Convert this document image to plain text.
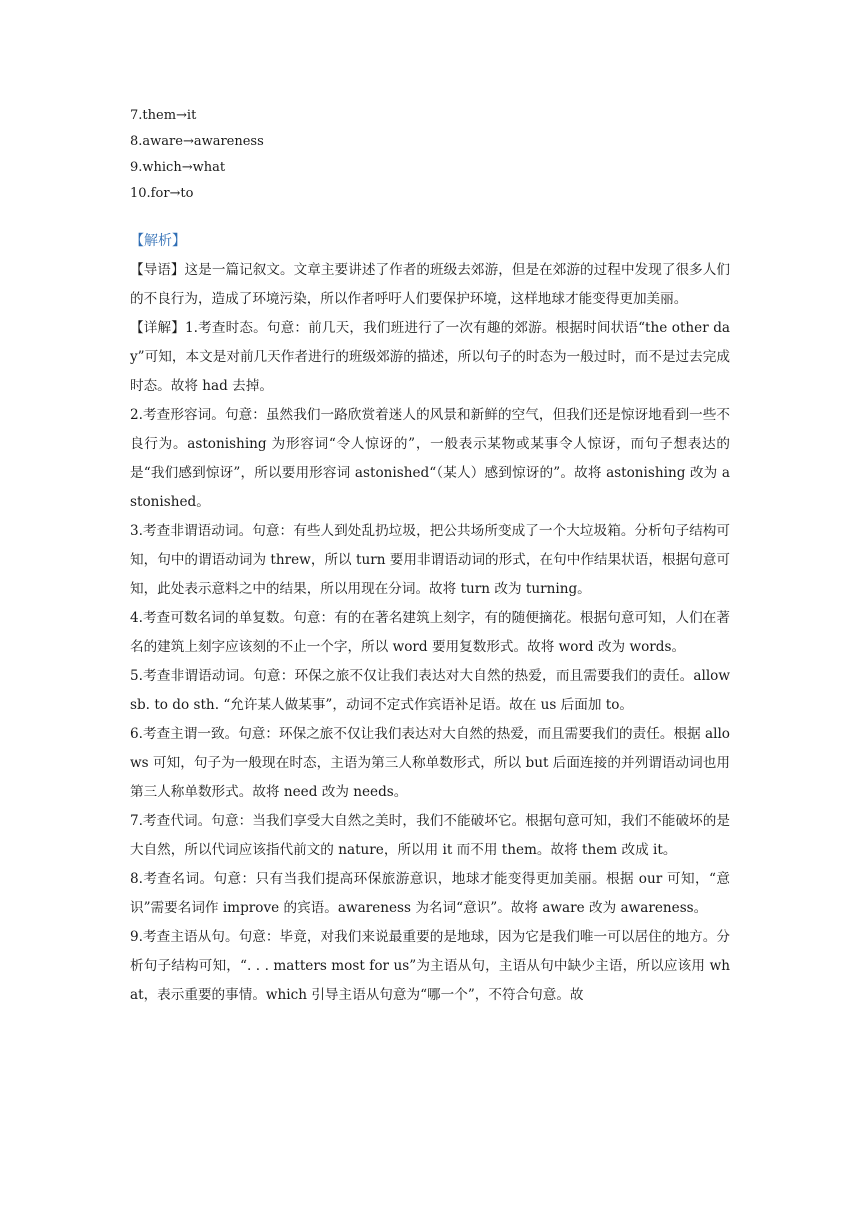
7.them→it

8.aware→awareness

9.which→what

10.for→to

【解析】

【导语】这是一篇记叙文。文章主要讲述了作者的班级去郊游，但是在郊游的过程中发现了很多人们的不良行为，造成了环境污染，所以作者呼吁人们要保护环境，这样地球才能变得更加美丽。

【详解】1.考查时态。句意：前几天，我们班进行了一次有趣的郊游。根据时间状语“the other day”可知，本文是对前几天作者进行的班级郊游的描述，所以句子的时态为一般过时，而不是过去完成时态。故将 had 去掉。

2.考查形容词。句意：虽然我们一路欣赏着迷人的风景和新鲜的空气，但我们还是惊讶地看到一些不良行为。astonishing 为形容词“令人惊讶的”，一般表示某物或某事令人惊讶，而句子想表达的是“我们感到惊讶”，所以要用形容词 astonished“（某人）感到惊讶的”。故将 astonishing 改为 astonished。

3.考查非谓语动词。句意：有些人到处乱扔垃圾，把公共场所变成了一个大垃圾箱。分析句子结构可知，句中的谓语动词为 threw，所以 turn 要用非谓语动词的形式，在句中作结果状语，根据句意可知，此处表示意料之中的结果，所以用现在分词。故将 turn 改为 turning。

4.考查可数名词的单复数。句意：有的在著名建筑上刻字，有的随便摘花。根据句意可知，人们在著名的建筑上刻字应该刻的不止一个字，所以 word 要用复数形式。故将 word 改为 words。

5.考查非谓语动词。句意：环保之旅不仅让我们表达对大自然的热爱，而且需要我们的责任。allow sb. to do sth. “允许某人做某事”，动词不定式作宾语补足语。故在 us 后面加 to。

6.考查主谓一致。句意：环保之旅不仅让我们表达对大自然的热爱，而且需要我们的责任。根据 allows 可知，句子为一般现在时态，主语为第三人称单数形式，所以 but 后面连接的并列谓语动词也用第三人称单数形式。故将 need 改为 needs。

7.考查代词。句意：当我们享受大自然之美时，我们不能破坏它。根据句意可知，我们不能破坏的是大自然，所以代词应该指代前文的 nature，所以用 it 而不用 them。故将 them 改成 it。

8.考查名词。句意：只有当我们提高环保旅游意识，地球才能变得更加美丽。根据 our 可知，“意识”需要名词作 improve 的宾语。awareness 为名词“意识”。故将 aware 改为 awareness。

9.考查主语从句。句意：毕竟，对我们来说最重要的是地球，因为它是我们唯一可以居住的地方。分析句子结构可知，“. . . matters most for us”为主语从句，主语从句中缺少主语，所以应该用 what，表示重要的事情。which 引导主语从句意为“哪一个”，不符合句意。故
